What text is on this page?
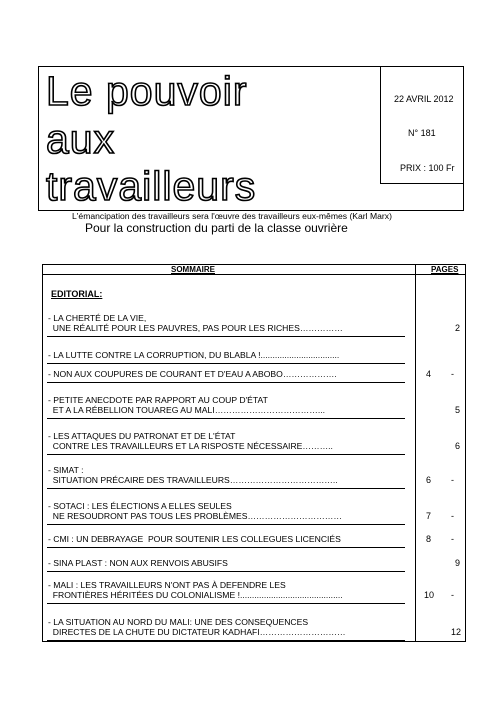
Le pouvoir
aux
travailleurs
22 AVRIL 2012
N° 181
PRIX : 100 Fr
L'émancipation des travailleurs sera l'œuvre des travailleurs eux-mêmes (Karl Marx)
Pour la construction du parti de la classe ouvrière
SOMMAIRE	PAGES
EDITORIAL:
- LA CHERTÉ DE LA VIE,
UNE RÉALITÉ POUR LES PAUVRES, PAS POUR LES RICHES……………	2
- LA LUTTE CONTRE LA CORRUPTION, DU BLABLA !.................................
- NON AUX COUPURES DE COURANT ET D'EAU A ABOBO……………….	4 -
- PETITE ANECDOTE PAR RAPPORT AU COUP D'ÉTAT
ET A LA RÉBELLION TOUAREG AU MALI………………………………...	5
- LES ATTAQUES DU PATRONAT ET DE L'ÉTAT
CONTRE LES TRAVAILLEURS ET LA RISPOSTE NÉCESSAIRE………..	6
- SIMAT :
SITUATION PRÉCAIRE DES TRAVAILLEURS………………………………..	6 -
- SOTACI : LES ÉLECTIONS A ELLES SEULES
NE RESOUDRONT PAS TOUS LES PROBLÈMES……………………………	7 -
- CMI : UN DEBRAYAGE  POUR SOUTENIR LES COLLEGUES LICENCIÉS	8 -
- SINA PLAST : NON AUX RENVOIS ABUSIFS	9
- MALI : LES TRAVAILLEURS N'ONT PAS À DEFENDRE LES
FRONTIÈRES HÉRITÉES DU COLONIALISME !...........................................	10 -
- LA SITUATION AU NORD DU MALI: UNE DES CONSEQUENCES
DIRECTES DE LA CHUTE DU DICTATEUR KADHAFI…………………………	12
